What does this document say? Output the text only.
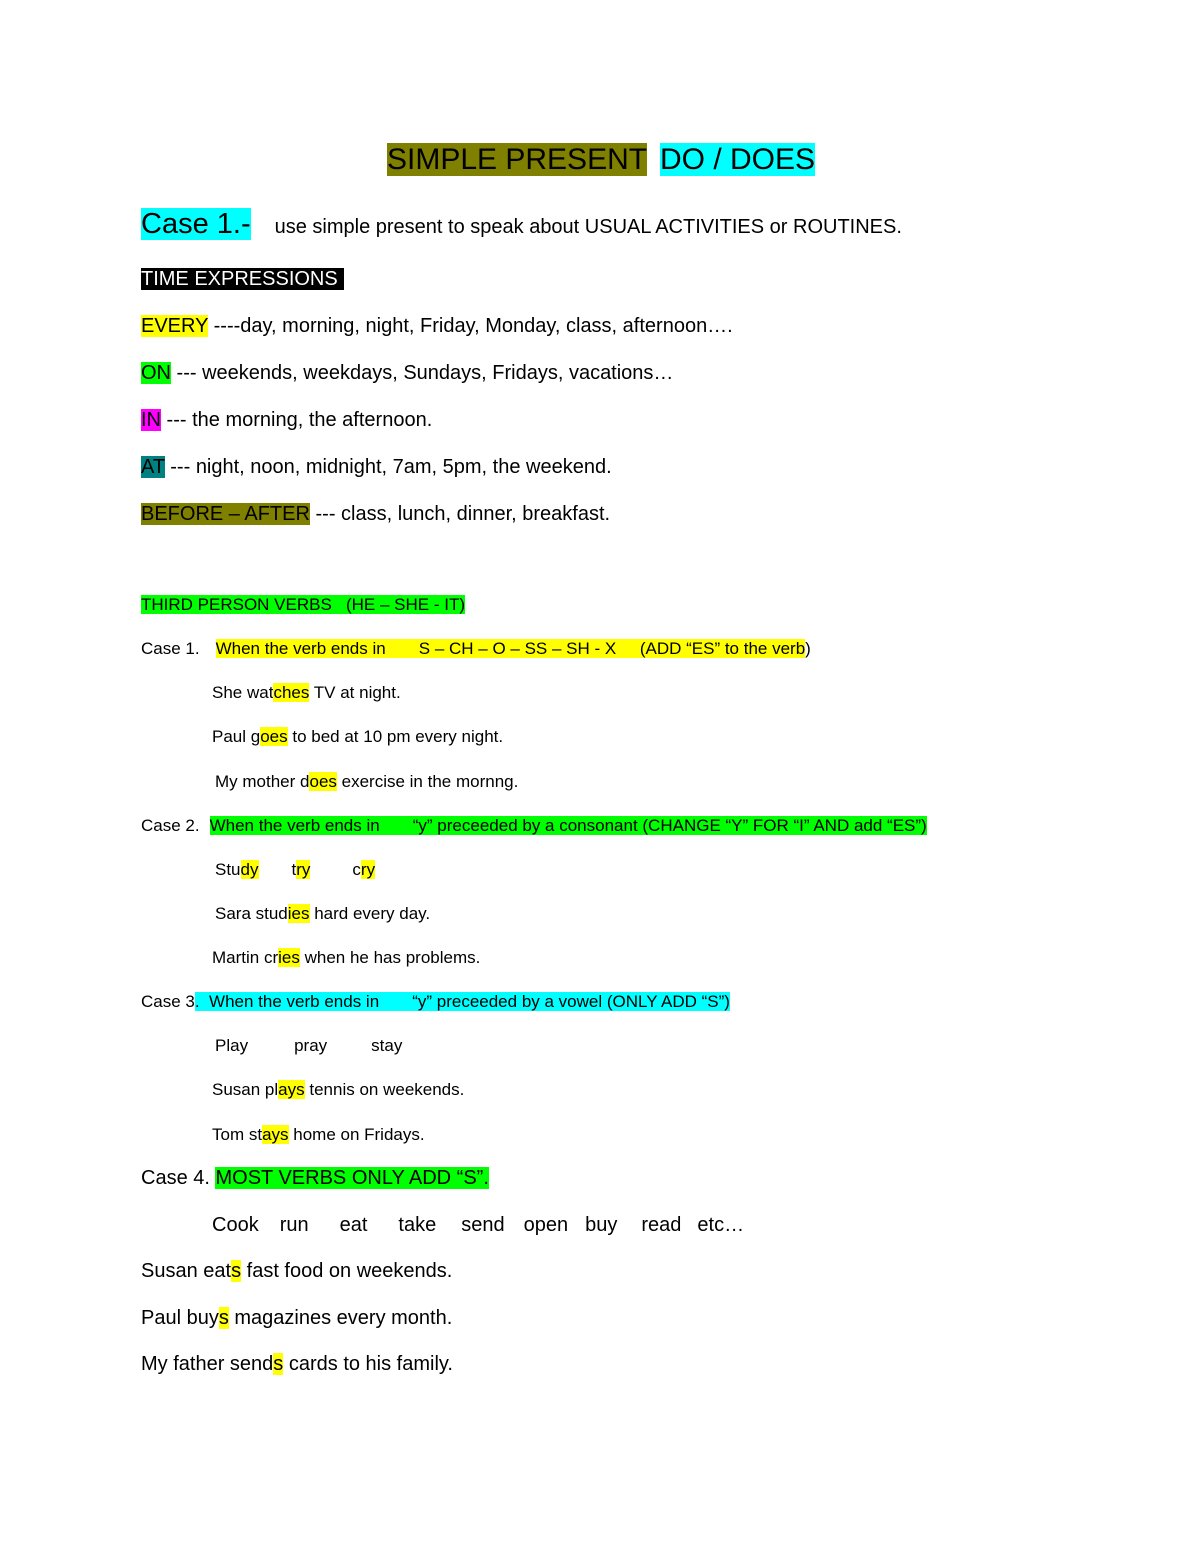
SIMPLE PRESENT DO / DOES
Case 1.- use simple present to speak about USUAL ACTIVITIES or ROUTINES.
TIME EXPRESSIONS
EVERY ----day, morning, night, Friday, Monday, class, afternoon….
ON --- weekends, weekdays, Sundays, Fridays, vacations…
IN --- the morning, the afternoon.
AT --- night, noon, midnight, 7am, 5pm, the weekend.
BEFORE – AFTER --- class, lunch, dinner, breakfast.
THIRD PERSON VERBS   (HE – SHE - IT)
Case 1. When the verb ends in       S – CH – O – SS – SH - X     (ADD “ES” to the verb)
She watches TV at night.
Paul goes to bed at 10 pm every night.
My mother does exercise in the mornng.
Case 2. When the verb ends in       “y” preceeded by a consonant (CHANGE “Y” FOR “I” AND add “ES”)
Study try cry
Sara studies hard every day.
Martin cries when he has problems.
Case 3.  When the verb ends in       “y” preceeded by a vowel (ONLY ADD “S”)
Play	pray	stay
Susan plays tennis on weekends.
Tom stays home on Fridays.
Case 4. MOST VERBS ONLY ADD “S”.
Cook run eat take send open buy read etc…
Susan eats fast food on weekends.
Paul buys magazines every month.
My father sends cards to his family.
